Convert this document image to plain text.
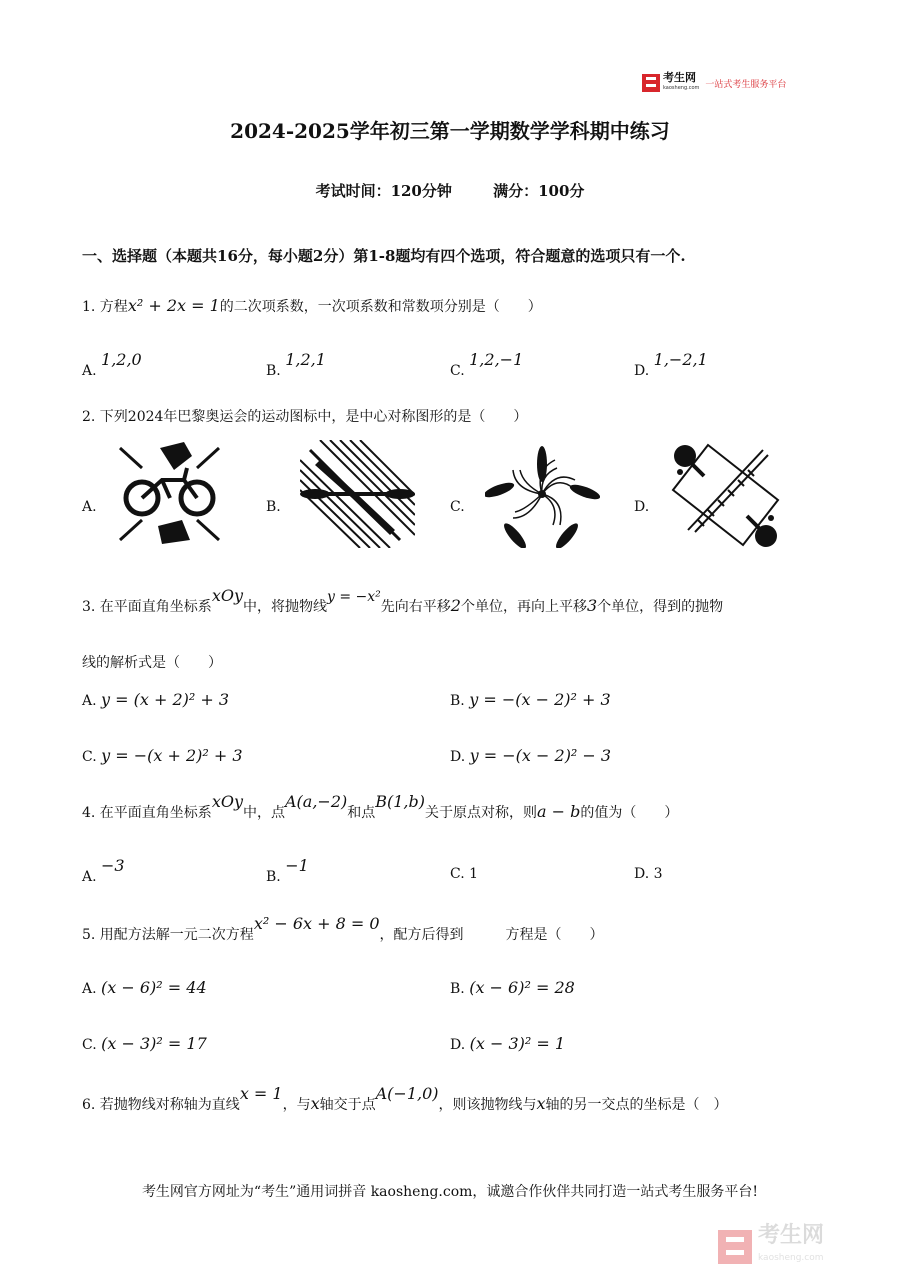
考生网
kaosheng.com 一站式考生服务平台
2024-2025学年初三第一学期数学学科期中练习
考试时间：120分钟	满分：100分
一、选择题（本题共16分，每小题2分）第1-8题均有四个选项，符合题意的选项只有一个.
1. 方程x² + 2x = 1的二次项系数，一次项系数和常数项分别是（　　）
A. 1,2,0
B. 1,2,1
C. 1,2,−1
D. 1,−2,1
2. 下列2024年巴黎奥运会的运动图标中，是中心对称图形的是（　　）
A.	B.	C.	D.
3. 在平面直角坐标系xOy中，将抛物线y = −x²先向右平移2个单位，再向上平移3个单位，得到的抛物
线的解析式是（　　）
A. y = (x + 2)² + 3	B. y = −(x − 2)² + 3
C. y = −(x + 2)² + 3	D. y = −(x − 2)² − 3
4. 在平面直角坐标系xOy中，点A(a,−2)和点B(1,b)关于原点对称，则a − b的值为（　　）
A. −3
B. −1	C. 1	D. 3
5. 用配方法解一元二次方程x² − 6x + 8 = 0，配方后得到　　　方程是（　　）
A. (x − 6)² = 44	B. (x − 6)² = 28
C. (x − 3)² = 17	D. (x − 3)² = 1
6. 若抛物线对称轴为直线x = 1，与x轴交于点A(−1,0)，则该抛物线与x轴的另一交点的坐标是（　）
考生网官方网址为“考生”通用词拼音 kaosheng.com，诚邀合作伙伴共同打造一站式考生服务平台!
考生网
kaosheng.com
